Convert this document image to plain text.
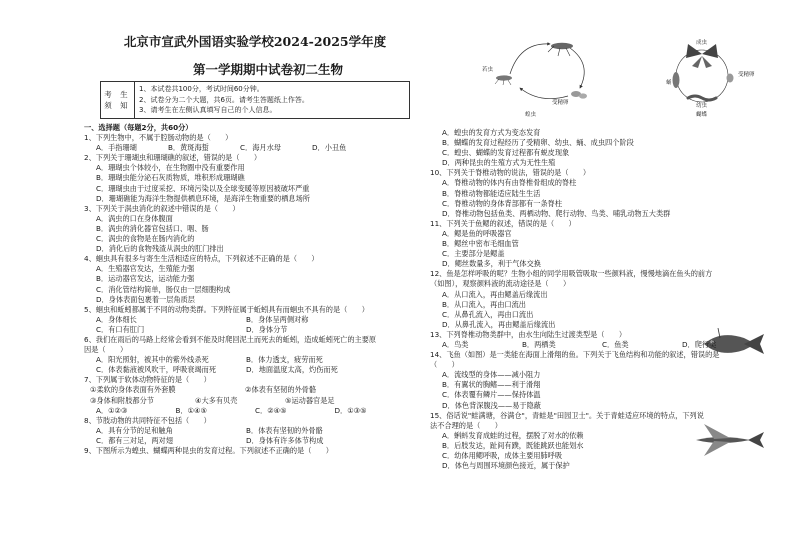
北京市宣武外国语实验学校2024-2025学年度
第一学期期中试卷初二生物
考 生
须 知
1、本试卷共100分，考试时间60分钟。
2、试卷分为二个大题，共6页。请考生答题纸上作答。
3、请考生在左侧认真填写自己的个人信息。
一、选择题（每题2分，共60分）
1、下列生物中，不属于腔肠动物的是（　　）
A．手指珊瑚	B．黄斑海蜇	C．海月水母	D．小丑鱼
2、下列关于珊瑚虫和珊瑚礁的叙述，错误的是（　　）
A．珊瑚虫个体较小，在生物圈中没有重要作用
B．珊瑚虫能分泌石灰质物质，堆积形成珊瑚礁
C．珊瑚虫由于过度采挖、环境污染以及全球变暖等原因被破坏严重
D．珊瑚礁能为海洋生物提供栖息环境，是海洋生物重要的栖息场所
3、下列关于涡虫消化的叙述中错误的是（　　）
A．涡虫的口在身体腹面
B．涡虫的消化器官包括口、咽、肠
C．涡虫的食物是在肠内消化的
D．消化后的食物残渣从涡虫的肛门排出
4、蛔虫具有很多与寄生生活相适应的特点，下列叙述不正确的是（　　）
A．生殖器官发达，生殖能力强
B．运动器官发达，运动能力强
C．消化管结构简单，肠仅由一层细胞构成
D．身体表面包裹着一层角质层
5、蛔虫和蚯蚓都属于不同的动物类群。下列特征属于蚯蚓具有而蛔虫不具有的是（　　）
A．身体细长	B．身体呈两侧对称
C．有口有肛门	D．身体分节
6、我们在雨后的马路上经常会看到不能及时爬回泥土而死去的蚯蚓，造成蚯蚓死亡的主要原
因是（　　）
A．阳光照射，被其中的紫外线杀死	B．体力透支，疲劳而死
C．体表黏液被风吹干，呼吸衰竭而死	D．地面温度太高，灼伤而死
7、下列属于软体动物特征的是（　　）
①柔软的身体表面有外套膜	②体表有坚韧的外骨骼
③身体和附肢都分节	④大多有贝壳	⑤运动器官是足
A．①②③	B．①④⑤	C．②④⑤	D．①③⑤
8、节肢动物的共同特征不包括（　　）
A．具有分节的足和触角	B．体表有坚韧的外骨骼
C．都有三对足，两对翅	D．身体有许多体节构成
9、下图所示为蝗虫、蝴蝶两种昆虫的发育过程。下列叙述不正确的是（　　）
若虫
受精卵
蝗虫
成虫
受精卵
蛹
幼虫
蝴蝶
A．蝗虫的发育方式为变态发育
B．蝴蝶的发育过程经历了受精卵、幼虫、蛹、成虫四个阶段
C．蝗虫、蝴蝶的发育过程都有蜕皮现象
D．两种昆虫的生殖方式为无性生殖
10、下列关于脊椎动物的说法，错误的是（　　）
A．脊椎动物的体内有由脊椎骨组成的脊柱
B．脊椎动物都能适应陆生生活
C．脊椎动物的身体背部都有一条脊柱
D．脊椎动物包括鱼类、两栖动物、爬行动物、鸟类、哺乳动物五大类群
11、下列关于鱼鳃的叙述，错误的是（　　）
A．鳃是鱼的呼吸器官
B．鳃丝中密布毛细血管
C．主要部分是鳃盖
D．鳃丝数量多，利于气体交换
12、鱼是怎样呼吸的呢？生物小组的同学用吸管吸取一些颜料液，慢慢地滴在鱼头的前方
（如图），观察颜料液的流动途径是（　　）
A．从口流入，再由鳃盖后缘流出
B．从口流入，再由口流出
C．从鼻孔流入，再由口流出
D．从鼻孔流入，再由鳃盖后缘流出
13、下列脊椎动物类群中，由水生向陆生过渡类型是（　　）
A．鸟类	B．两栖类	C．鱼类	D．爬行类
14、飞鱼（如图）是一类能在海面上滑翔的鱼。下列关于飞鱼结构和功能的叙述，错误的是
（　　）
A．流线型的身体——减小阻力
B．有翼状的胸鳍——利于滑翔
C．体表覆有鳞片——保持体温
D．体色背深腹浅——易于隐蔽
15、俗话说"蛙满塘，谷满仓"，青蛙是"田园卫士"。关于青蛙适应环境的特点，下列说
法不合理的是（　　）
A．蝌蚪发育成蛙的过程，摆脱了对水的依赖
B．后肢发达，趾间有蹼，既能跳跃也能划水
C．幼体用鳃呼吸，成体主要用肺呼吸
D．体色与周围环境颜色接近，属于保护
